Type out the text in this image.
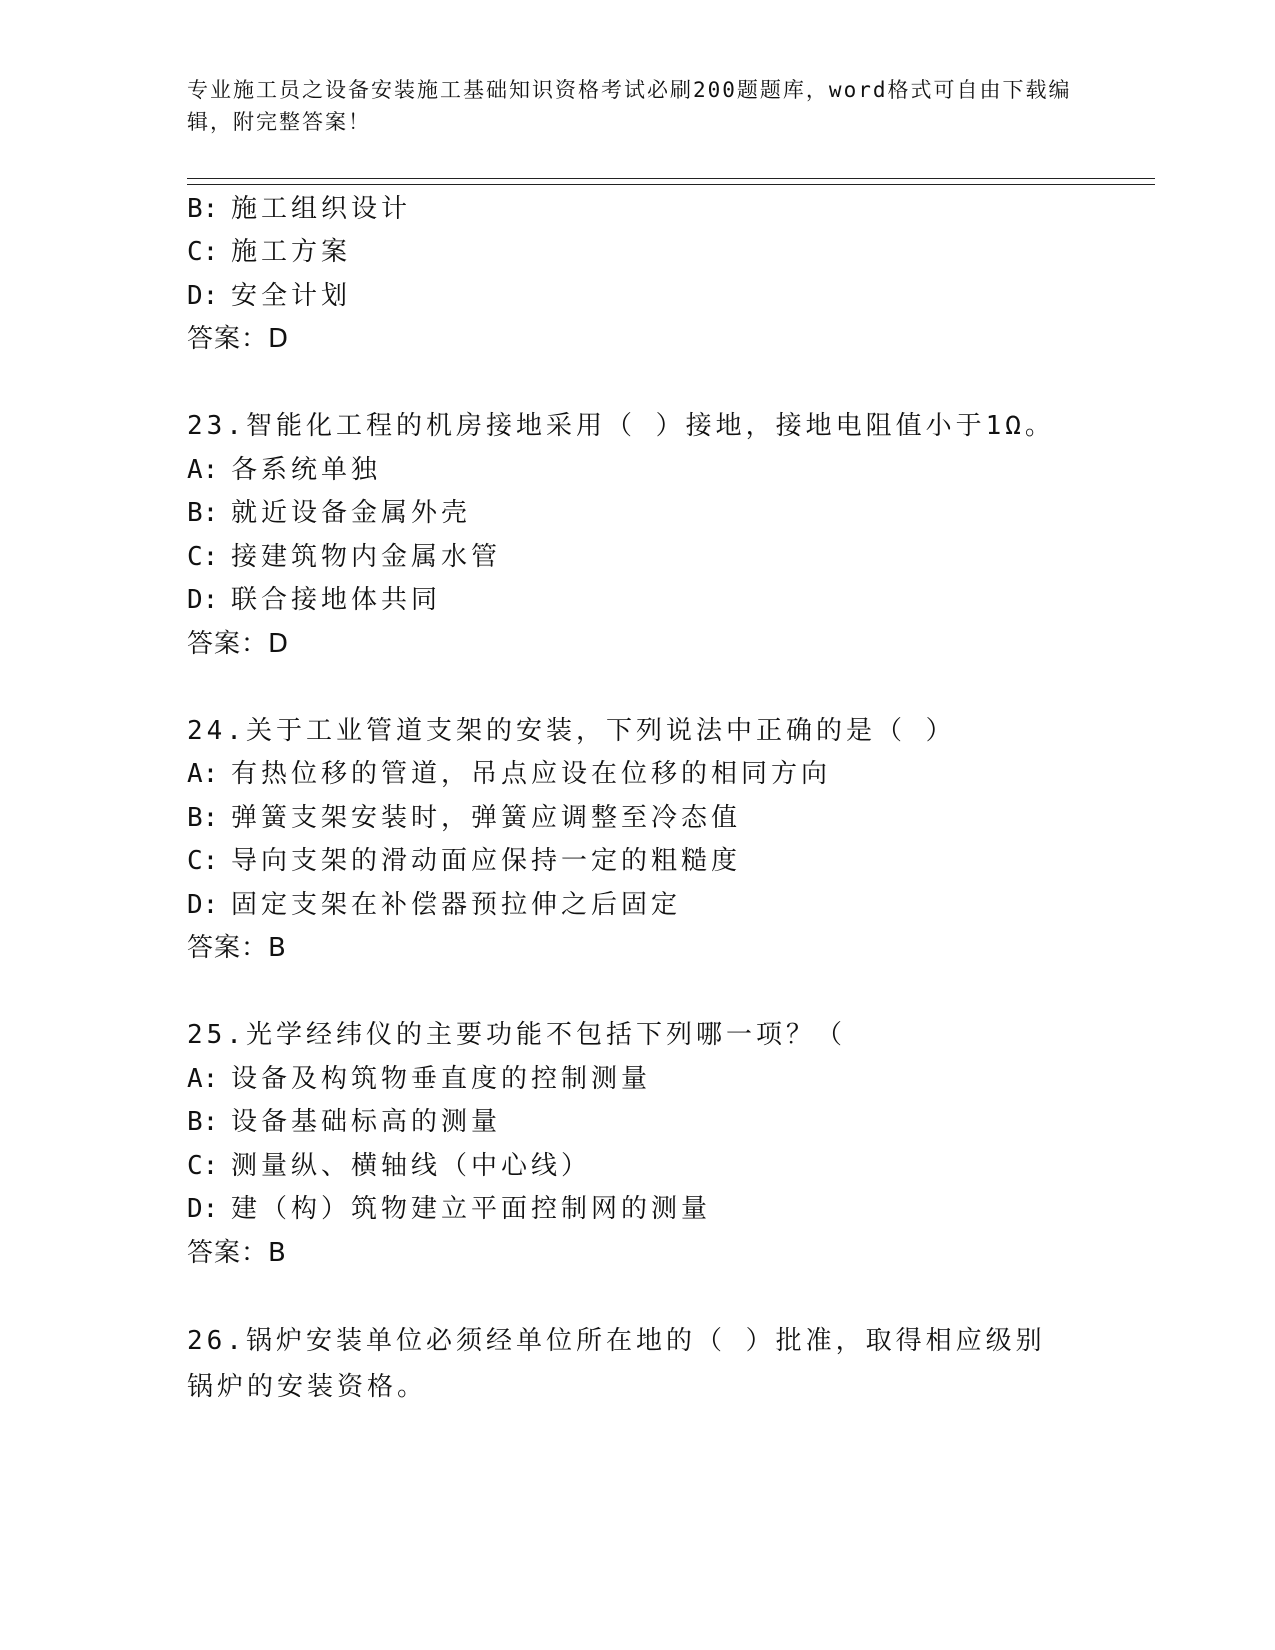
专业施工员之设备安装施工基础知识资格考试必刷200题题库，word格式可自由下载编辑，附完整答案！
B: 施工组织设计
C: 施工方案
D: 安全计划
答案：D
23.智能化工程的机房接地采用（ ）接地，接地电阻值小于1Ω。
A: 各系统单独
B: 就近设备金属外壳
C: 接建筑物内金属水管
D: 联合接地体共同
答案：D
24.关于工业管道支架的安装，下列说法中正确的是（ ）
A: 有热位移的管道，吊点应设在位移的相同方向
B: 弹簧支架安装时，弹簧应调整至冷态值
C: 导向支架的滑动面应保持一定的粗糙度
D: 固定支架在补偿器预拉伸之后固定
答案：B
25.光学经纬仪的主要功能不包括下列哪一项？（
A: 设备及构筑物垂直度的控制测量
B: 设备基础标高的测量
C: 测量纵、横轴线（中心线）
D: 建（构）筑物建立平面控制网的测量
答案：B
26.锅炉安装单位必须经单位所在地的（ ）批准，取得相应级别锅炉的安装资格。
